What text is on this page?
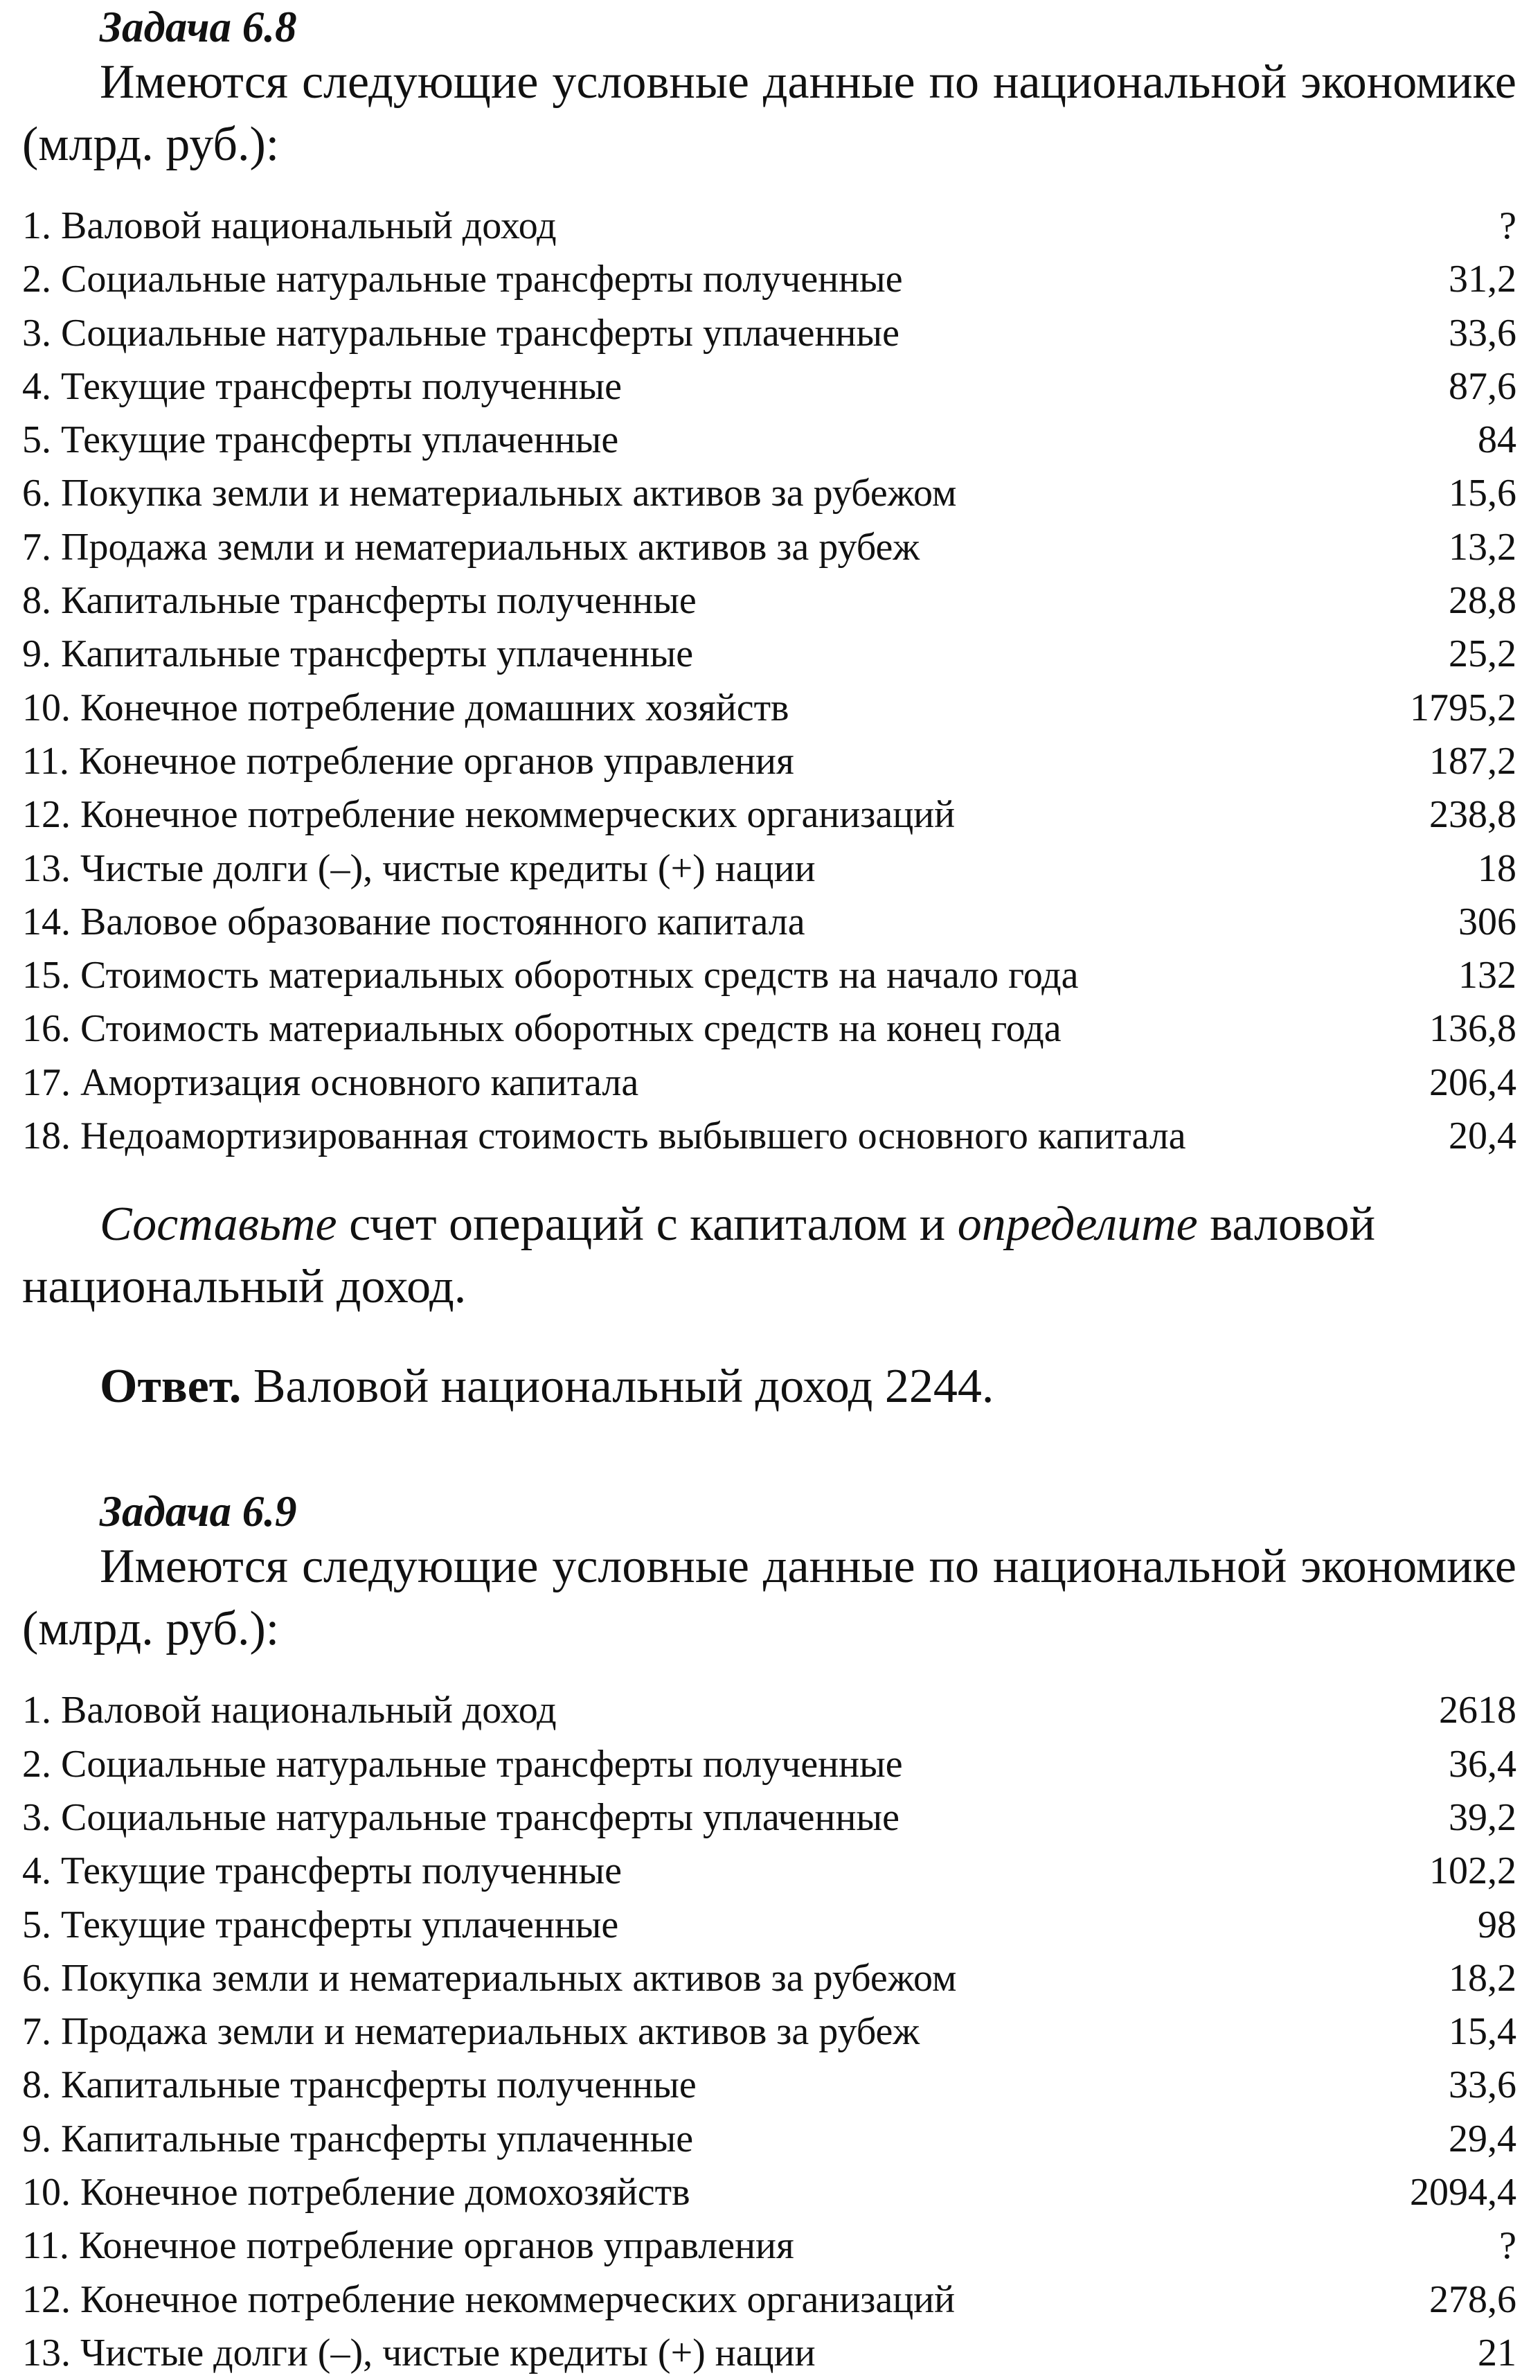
Задача 6.8

Имеются следующие условные данные по национальной экономике (млрд. руб.):

1. Валовой национальный доход	?
2. Социальные натуральные трансферты полученные	31,2
3. Социальные натуральные трансферты уплаченные	33,6
4. Текущие трансферты полученные	87,6
5. Текущие трансферты уплаченные	84
6. Покупка земли и нематериальных активов за рубежом	15,6
7. Продажа земли и нематериальных активов за рубеж	13,2
8. Капитальные трансферты полученные	28,8
9. Капитальные трансферты уплаченные	25,2
10. Конечное потребление домашних хозяйств	1795,2
11. Конечное потребление органов управления	187,2
12. Конечное потребление некоммерческих организаций	238,8
13. Чистые долги (–), чистые кредиты (+) нации	18
14. Валовое образование постоянного капитала	306
15. Стоимость материальных оборотных средств на начало года	132
16. Стоимость материальных оборотных средств на конец года	136,8
17. Амортизация основного капитала	206,4
18. Недоамортизированная стоимость выбывшего основного капитала	20,4

Составьте счет операций с капиталом и определите валовой национальный доход.

Ответ. Валовой национальный доход 2244.

Задача 6.9

Имеются следующие условные данные по национальной экономике (млрд. руб.):

1. Валовой национальный доход	2618
2. Социальные натуральные трансферты полученные	36,4
3. Социальные натуральные трансферты уплаченные	39,2
4. Текущие трансферты полученные	102,2
5. Текущие трансферты уплаченные	98
6. Покупка земли и нематериальных активов за рубежом	18,2
7. Продажа земли и нематериальных активов за рубеж	15,4
8. Капитальные трансферты полученные	33,6
9. Капитальные трансферты уплаченные	29,4
10. Конечное потребление домохозяйств	2094,4
11. Конечное потребление органов управления	?
12. Конечное потребление некоммерческих организаций	278,6
13. Чистые долги (–), чистые кредиты (+) нации	21
